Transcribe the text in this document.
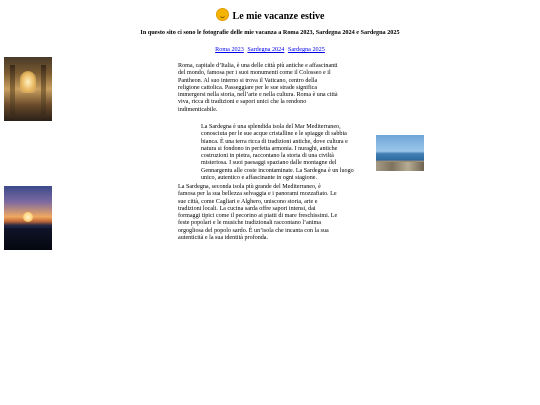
Le mie vacanze estive
In questo sito ci sono le fotografie delle mie vacanza a Roma 2023, Sardegna 2024 e Sardegna 2025
Roma 2023 Sardegna 2024 Sardegna 2025
Roma, capitale d’Italia, è una delle città più antiche e affascinanti del mondo, famosa per i suoi monumenti come il Colosseo e il Pantheon. Al suo interno si trova il Vaticano, centro della religione cattolica. Passeggiare per le sue strade significa immergersi nella storia, nell’arte e nella cultura. Roma è una città viva, ricca di tradizioni e sapori unici che la rendono indimenticabile.
La Sardegna è una splendida isola del Mar Mediterraneo, conosciuta per le sue acque cristalline e le spiagge di sabbia bianca. È una terra ricca di tradizioni antiche, dove cultura e natura si fondono in perfetta armonia. I nuraghi, antiche costruzioni in pietra, raccontano la storia di una civiltà misteriosa. I suoi paesaggi spaziano dalle montagne del Gennargentu alle coste incontaminate. La Sardegna è un luogo unico, autentico e affascinante in ogni stagione.
La Sardegna, seconda isola più grande del Mediterraneo, è famosa per la sua bellezza selvaggia e i panorami mozzafiato. Le sue città, come Cagliari e Alghero, uniscono storia, arte e tradizioni locali. La cucina sarda offre sapori intensi, dai formaggi tipici come il pecorino ai piatti di mare freschissimi. Le feste popolari e le musiche tradizionali raccontano l’anima orgogliosa del popolo sardo. È un’isola che incanta con la sua autenticità e la sua identità profonda.
